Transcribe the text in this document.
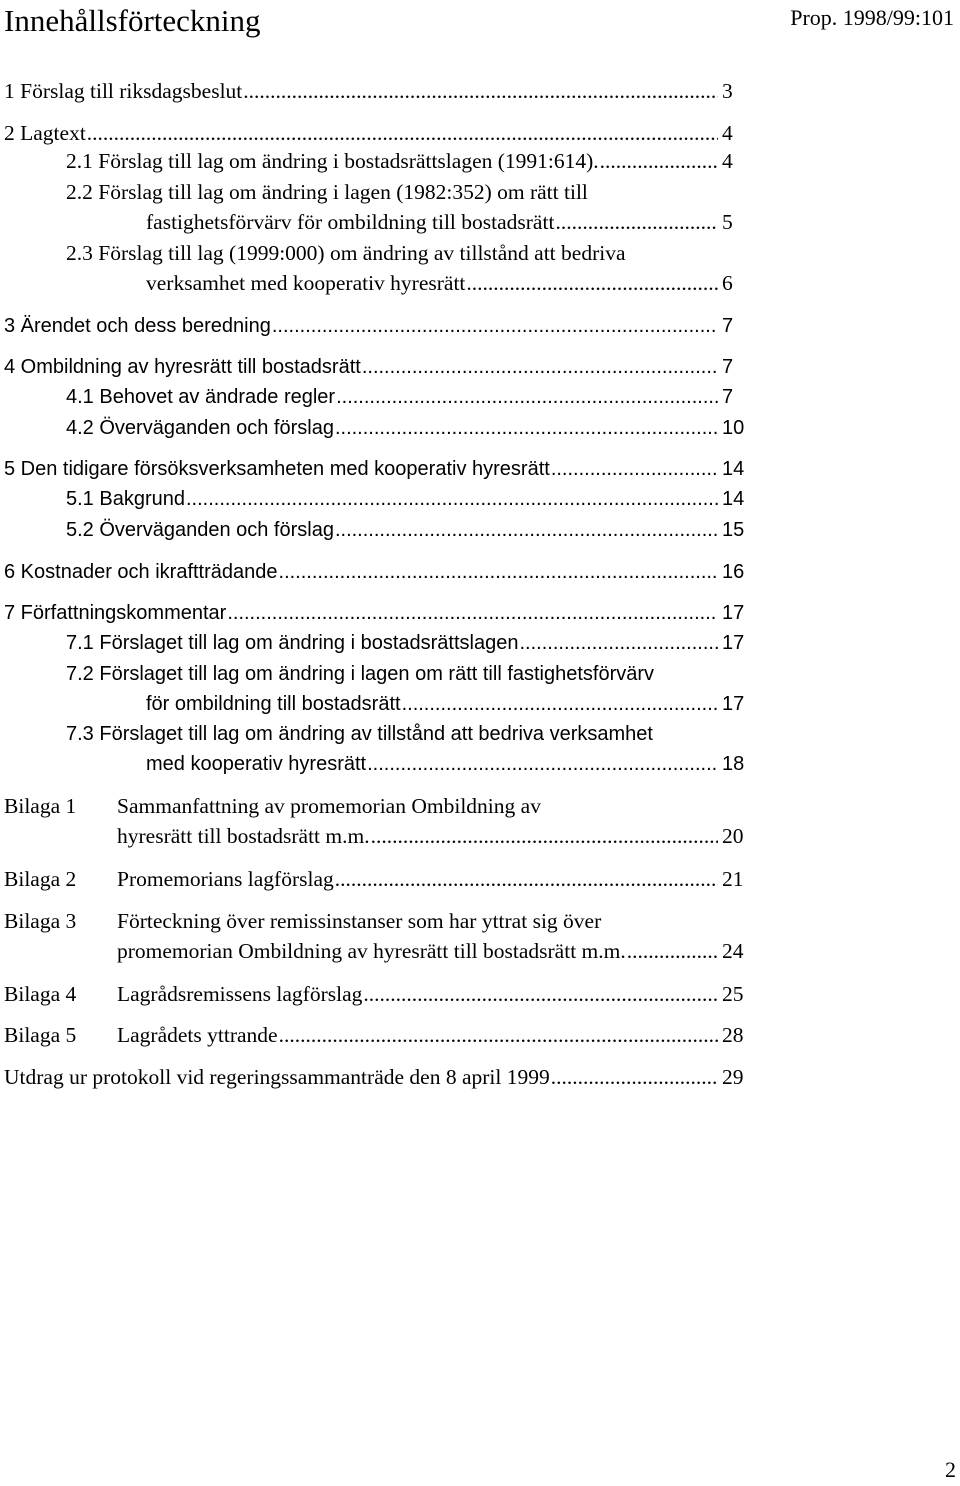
Innehållsförteckning	Prop. 1998/99:101
1 Förslag till riksdagsbeslut .....	3
2 Lagtext .....	4
2.1 Förslag till lag om ändring i bostadsrättslagen (1991:614). .....	4
2.2 Förslag till lag om ändring i lagen (1982:352) om rätt till
fastighetsförvärv för ombildning till bostadsrätt .....	5
2.3 Förslag till lag (1999:000) om ändring av tillstånd att bedriva
verksamhet med kooperativ hyresrätt .....	6
3 Ärendet och dess beredning .....	7
4 Ombildning av hyresrätt till bostadsrätt .....	7
4.1 Behovet av ändrade regler .....	7
4.2 Överväganden och förslag .....	10
5 Den tidigare försöksverksamheten med kooperativ hyresrätt .....	14
5.1 Bakgrund .....	14
5.2 Överväganden och förslag .....	15
6 Kostnader och ikraftträdande .....	16
7 Författningskommentar .....	17
7.1 Förslaget till lag om ändring i bostadsrättslagen .....	17
7.2 Förslaget till lag om ändring i lagen om rätt till fastighetsförvärv
för ombildning till bostadsrätt .....	17
7.3 Förslaget till lag om ändring av tillstånd att bedriva verksamhet
med kooperativ hyresrätt .....	18
Bilaga 1 Sammanfattning av promemorian Ombildning av
hyresrätt till bostadsrätt m.m. .....	20
Bilaga 2 Promemorians lagförslag .....	21
Bilaga 3 Förteckning över remissinstanser som har yttrat sig över
promemorian Ombildning av hyresrätt till bostadsrätt m.m. .....	24
Bilaga 4 Lagrådsremissens lagförslag .....	25
Bilaga 5 Lagrådets yttrande .....	28
Utdrag ur protokoll vid regeringssammanträde den 8 april 1999 .....	29
2
